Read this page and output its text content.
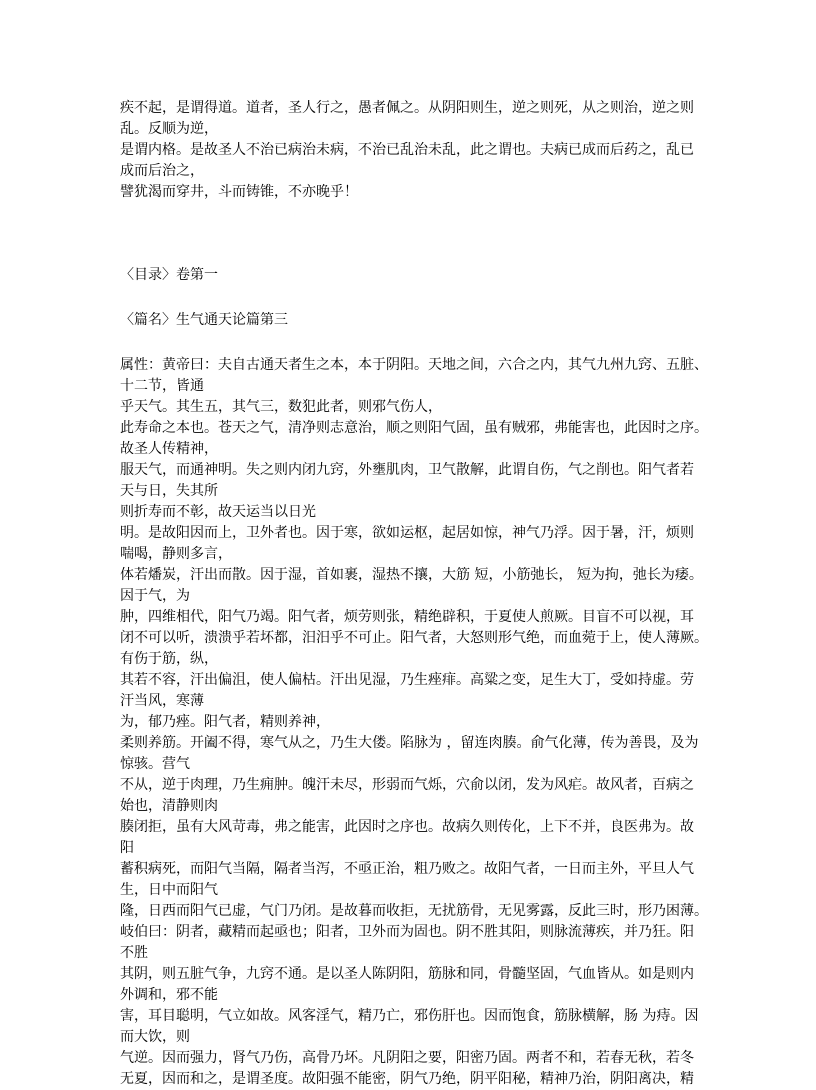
疾不起，是谓得道。道者，圣人行之，愚者佩之。从阴阳则生，逆之则死，从之则治，逆之则
乱。反顺为逆，
是谓内格。是故圣人不治已病治未病，不治已乱治未乱，此之谓也。夫病已成而后药之，乱已
成而后治之，
譬犹渴而穿井，斗而铸锥，不亦晚乎！
〈目录〉卷第一
〈篇名〉生气通天论篇第三
属性：黄帝曰：夫自古通天者生之本，本于阴阳。天地之间，六合之内，其气九州九窍、五脏、
十二节，皆通
乎天气。其生五，其气三，数犯此者，则邪气伤人，
此寿命之本也。苍天之气，清净则志意治，顺之则阳气固，虽有贼邪，弗能害也，此因时之序。
故圣人传精神，
服天气，而通神明。失之则内闭九窍，外壅肌肉，卫气散解，此谓自伤，气之削也。阳气者若
天与日，失其所
则折寿而不彰，故天运当以日光
明。是故阳因而上，卫外者也。因于寒，欲如运枢，起居如惊，神气乃浮。因于暑，汗，烦则
喘喝，静则多言，
体若燔炭，汗出而散。因于湿，首如裹，湿热不攘，大筋 短，小筋弛长， 短为拘，弛长为痿。
因于气，为
肿，四维相代，阳气乃竭。阳气者，烦劳则张，精绝辟积，于夏使人煎厥。目盲不可以视，耳
闭不可以听，溃溃乎若坏都，汨汨乎不可止。阳气者，大怒则形气绝，而血菀于上，使人薄厥。
有伤于筋，纵，
其若不容，汗出偏沮，使人偏枯。汗出见湿，乃生痤痱。高粱之变，足生大丁，受如持虚。劳
汗当风，寒薄
为，郁乃痤。阳气者，精则养神，
柔则养筋。开阖不得，寒气从之，乃生大偻。陷脉为 ，留连肉腠。俞气化薄，传为善畏，及为
惊骇。营气
不从，逆于肉理，乃生痈肿。魄汗未尽，形弱而气烁，穴俞以闭，发为风疟。故风者，百病之
始也，清静则肉
腠闭拒，虽有大风苛毒，弗之能害，此因时之序也。故病久则传化，上下不并，良医弗为。故
阳
蓄积病死，而阳气当隔，隔者当泻，不亟正治，粗乃败之。故阳气者，一日而主外，平旦人气
生，日中而阳气
隆，日西而阳气已虚，气门乃闭。是故暮而收拒，无扰筋骨，无见雾露，反此三时，形乃困薄。
岐伯曰：阴者，藏精而起亟也；阳者，卫外而为固也。阴不胜其阳，则脉流薄疾，并乃狂。阳
不胜
其阴，则五脏气争，九窍不通。是以圣人陈阴阳，筋脉和同，骨髓坚固，气血皆从。如是则内
外调和，邪不能
害，耳目聪明，气立如故。风客淫气，精乃亡，邪伤肝也。因而饱食，筋脉横解，肠 为痔。因
而大饮，则
气逆。因而强力，肾气乃伤，高骨乃坏。凡阴阳之要，阳密乃固。两者不和，若春无秋，若冬
无夏，因而和之，是谓圣度。故阳强不能密，阴气乃绝，阴平阳秘，精神乃治，阴阳离决，精
